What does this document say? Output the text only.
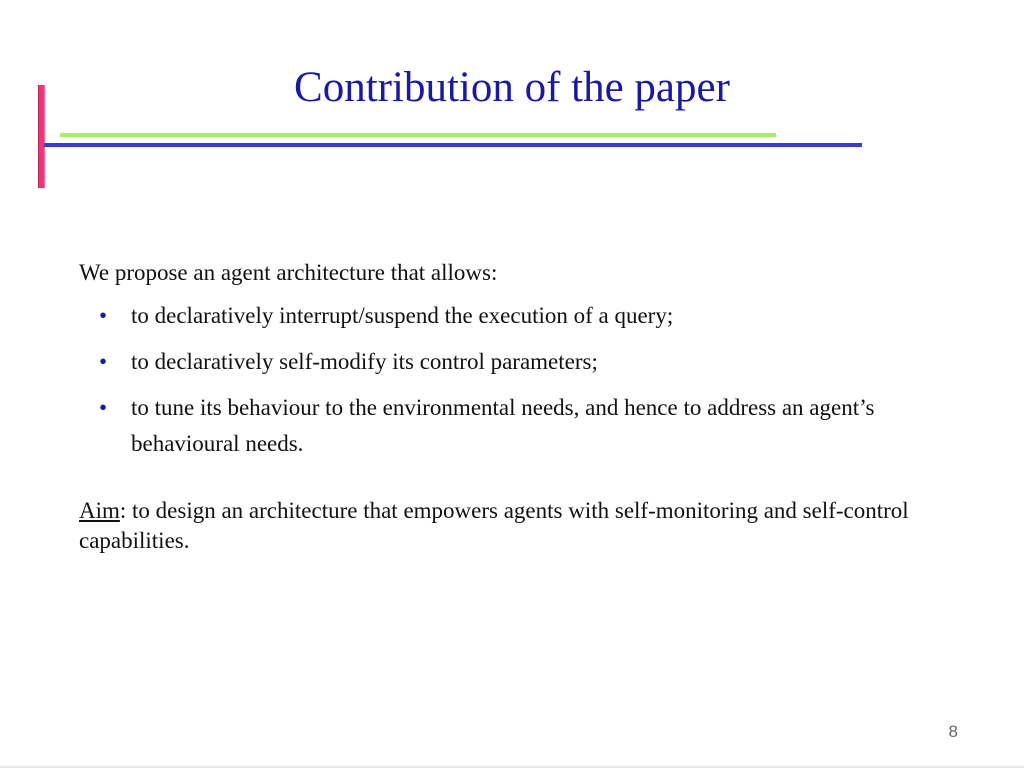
Contribution of the paper

We propose an agent architecture that allows:

• to declaratively interrupt/suspend the execution of a query;
• to declaratively self-modify its control parameters;
• to tune its behaviour to the environmental needs, and hence to address an agent’s behavioural needs.

Aim: to design an architecture that empowers agents with self-monitoring and self-control capabilities.

8
